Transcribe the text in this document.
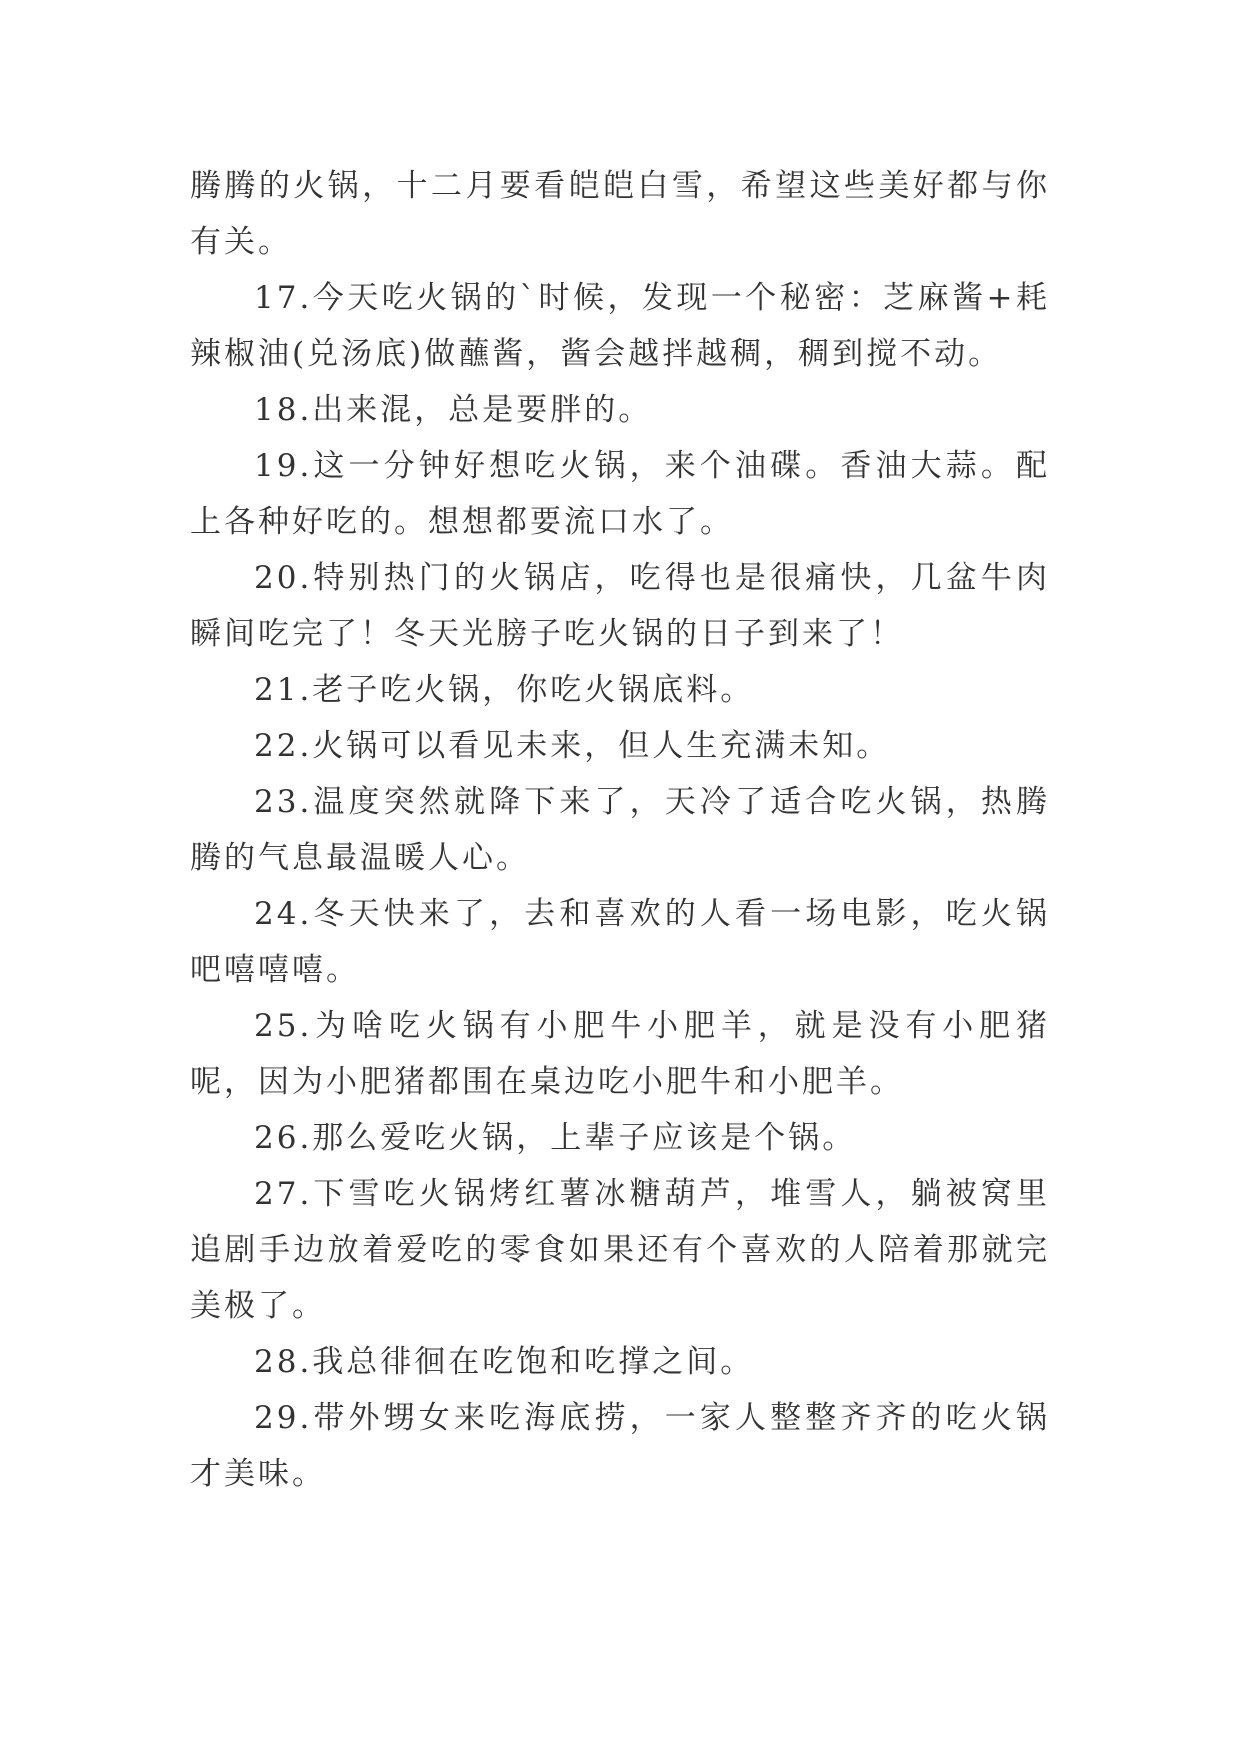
腾腾的火锅，十二月要看皑皑白雪，希望这些美好都与你有关。

17.今天吃火锅的`时候，发现一个秘密：芝麻酱+耗辣椒油(兑汤底)做蘸酱，酱会越拌越稠，稠到搅不动。

18.出来混，总是要胖的。

19.这一分钟好想吃火锅，来个油碟。香油大蒜。配上各种好吃的。想想都要流口水了。

20.特别热门的火锅店，吃得也是很痛快，几盆牛肉瞬间吃完了！冬天光膀子吃火锅的日子到来了！

21.老子吃火锅，你吃火锅底料。

22.火锅可以看见未来，但人生充满未知。

23.温度突然就降下来了，天冷了适合吃火锅，热腾腾的气息最温暖人心。

24.冬天快来了，去和喜欢的人看一场电影，吃火锅吧嘻嘻嘻。

25.为啥吃火锅有小肥牛小肥羊，就是没有小肥猪呢，因为小肥猪都围在桌边吃小肥牛和小肥羊。

26.那么爱吃火锅，上辈子应该是个锅。

27.下雪吃火锅烤红薯冰糖葫芦，堆雪人，躺被窝里追剧手边放着爱吃的零食如果还有个喜欢的人陪着那就完美极了。

28.我总徘徊在吃饱和吃撑之间。

29.带外甥女来吃海底捞，一家人整整齐齐的吃火锅才美味。
